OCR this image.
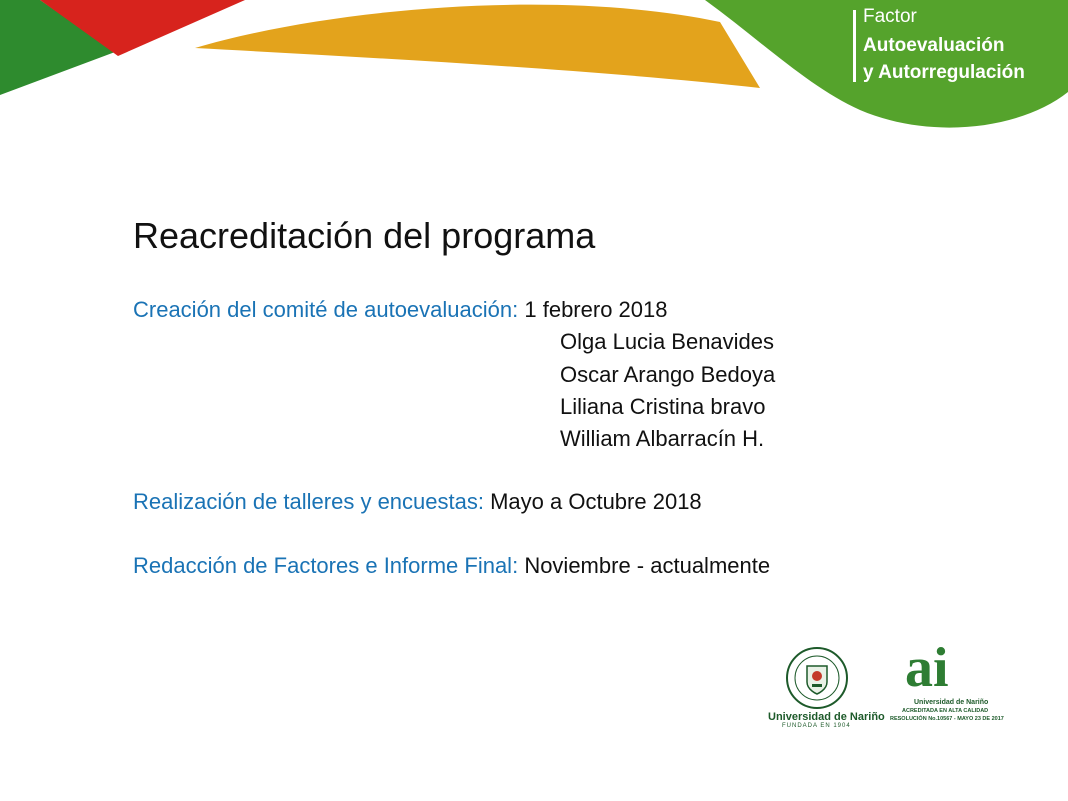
Factor
Autoevaluación
y Autorregulación
Reacreditación del programa
Creación del comité de autoevaluación: 1 febrero 2018
Olga Lucia Benavides
Oscar Arango Bedoya
Liliana Cristina bravo
William Albarracín H.
Realización de talleres y encuestas: Mayo a Octubre 2018
Redacción de Factores e Informe Final: Noviembre - actualmente
Universidad de Nariño
FUNDADA EN 1904
ai
Universidad de Nariño
ACREDITADA EN ALTA CALIDAD
RESOLUCIÓN No.10567 - MAYO 23 DE 2017
